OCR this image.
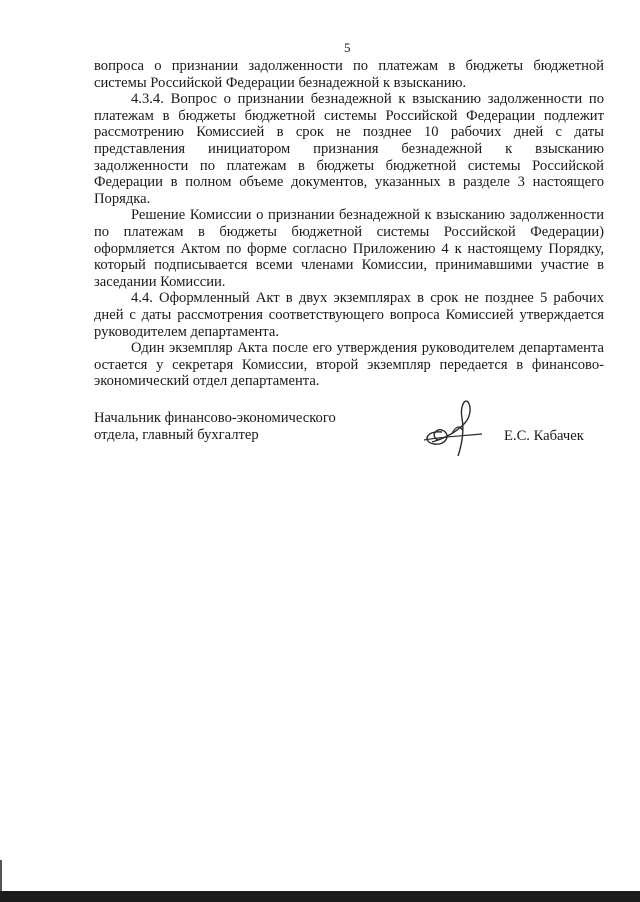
5

вопроса о признании задолженности по платежам в бюджеты бюджетной системы Российской Федерации безнадежной к взысканию.

4.3.4. Вопрос о признании безнадежной к взысканию задолженности по платежам в бюджеты бюджетной системы Российской Федерации подлежит рассмотрению Комиссией в срок не позднее 10 рабочих дней с даты представления инициатором признания безнадежной к взысканию задолженности по платежам в бюджеты бюджетной системы Российской Федерации в полном объеме документов, указанных в разделе 3 настоящего Порядка.

Решение Комиссии о признании безнадежной к взысканию задолженности по платежам в бюджеты бюджетной системы Российской Федерации) оформляется Актом по форме согласно Приложению 4 к настоящему Порядку, который подписывается всеми членами Комиссии, принимавшими участие в заседании Комиссии.

4.4. Оформленный Акт в двух экземплярах в срок не позднее 5 рабочих дней с даты рассмотрения соответствующего вопроса Комиссией утверждается руководителем департамента.

Один экземпляр Акта после его утверждения руководителем департамента остается у секретаря Комиссии, второй экземпляр передается в финансово-экономический отдел департамента.

Начальник финансово-экономического
отдела, главный бухгалтер	Е.С. Кабачек
